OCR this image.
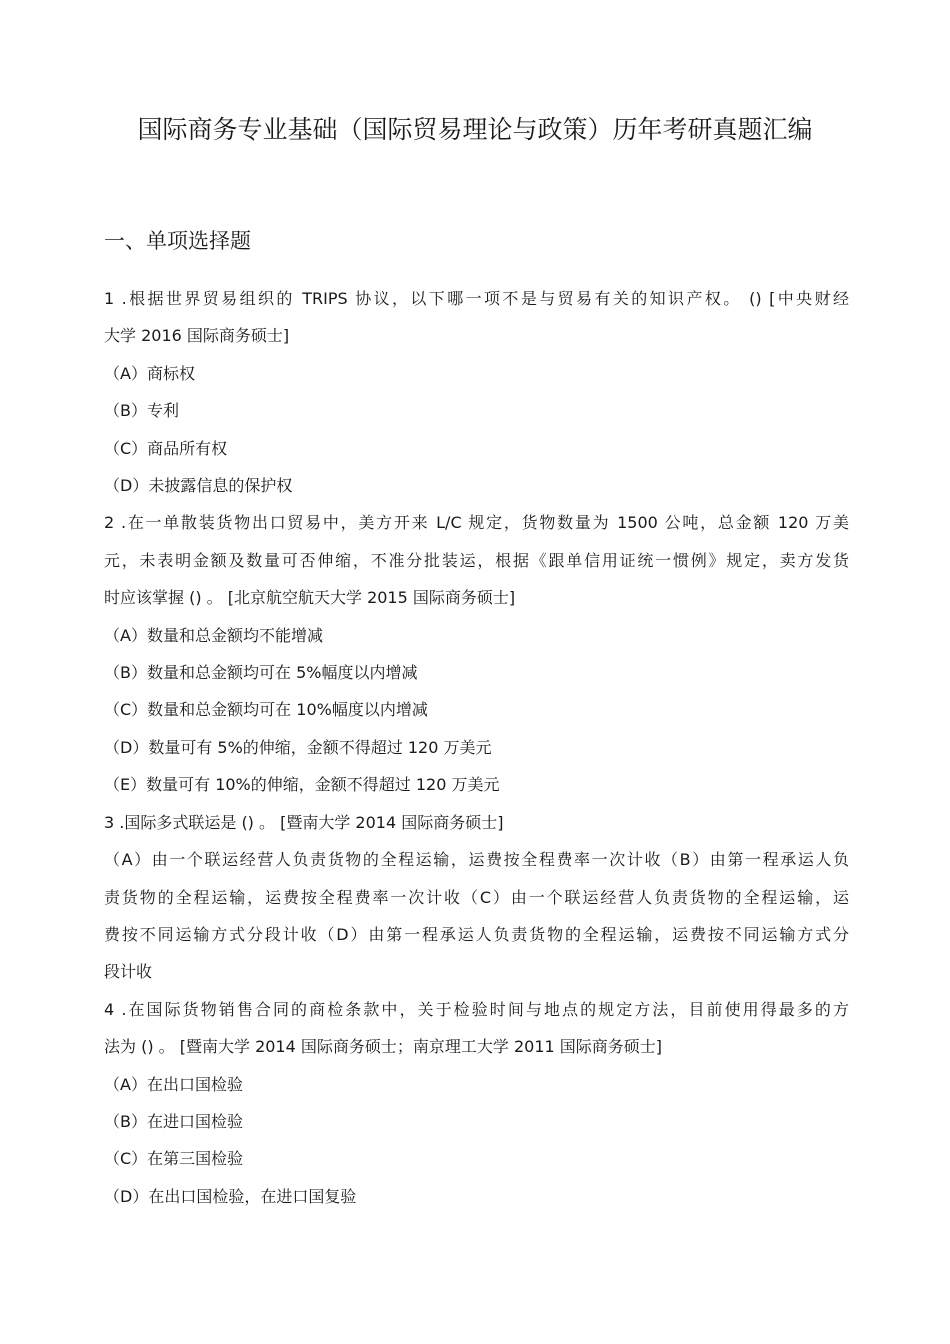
国际商务专业基础（国际贸易理论与政策）历年考研真题汇编
一、单项选择题
1 .根据世界贸易组织的 TRIPS 协议，以下哪一项不是与贸易有关的知识产权。 () [中央财经
大学 2016 国际商务硕士]
（A）商标权
（B）专利
（C）商品所有权
（D）未披露信息的保护权
2 .在一单散装货物出口贸易中，美方开来 L/C 规定，货物数量为 1500 公吨，总金额 120 万美
元，未表明金额及数量可否伸缩，不准分批装运，根据《跟单信用证统一惯例》规定，卖方发货
时应该掌握 () 。 [北京航空航天大学 2015 国际商务硕士]
（A）数量和总金额均不能增减
（B）数量和总金额均可在 5%幅度以内增减
（C）数量和总金额均可在 10%幅度以内增减
（D）数量可有 5%的伸缩，金额不得超过 120 万美元
（E）数量可有 10%的伸缩，金额不得超过 120 万美元
3 .国际多式联运是 () 。 [暨南大学 2014 国际商务硕士]
（A）由一个联运经营人负责货物的全程运输，运费按全程费率一次计收（B）由第一程承运人负
责货物的全程运输，运费按全程费率一次计收（C）由一个联运经营人负责货物的全程运输，运
费按不同运输方式分段计收（D）由第一程承运人负责货物的全程运输，运费按不同运输方式分
段计收
4 .在国际货物销售合同的商检条款中，关于检验时间与地点的规定方法，目前使用得最多的方
法为 () 。 [暨南大学 2014 国际商务硕士；南京理工大学 2011 国际商务硕士]
（A）在出口国检验
（B）在进口国检验
（C）在第三国检验
（D）在出口国检验，在进口国复验
